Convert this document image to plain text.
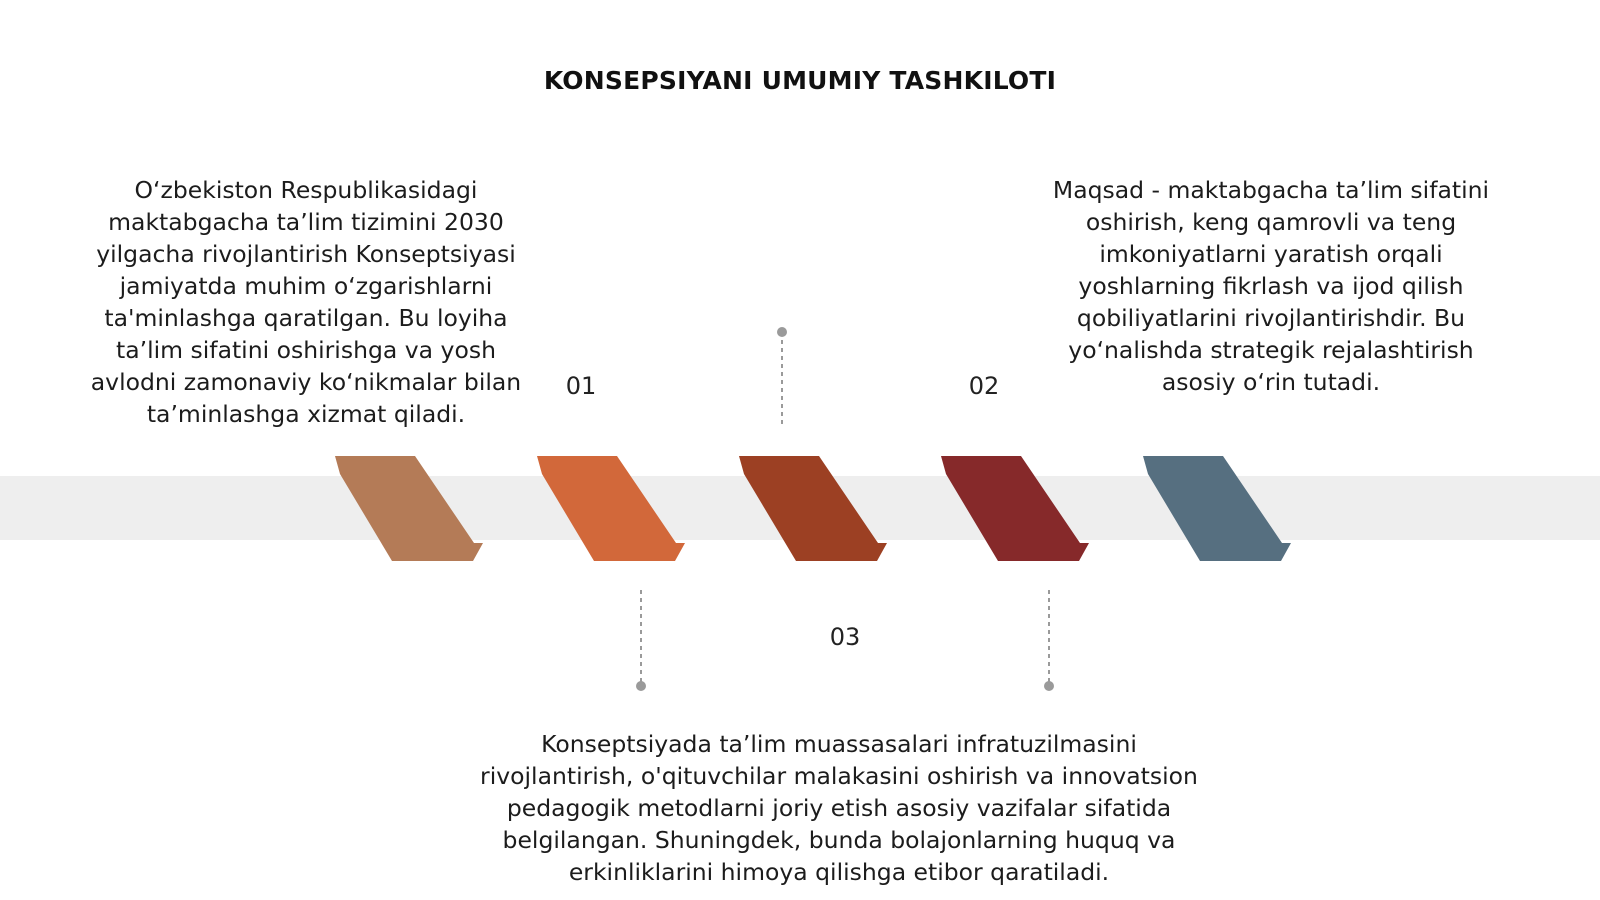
KONSEPSIYANI UMUMIY TASHKILOTI
O‘zbekiston Respublikasidagi maktabgacha ta’lim tizimini 2030 yilgacha rivojlantirish Konseptsiyasi jamiyatda muhim o‘zgarishlarni ta'minlashga qaratilgan. Bu loyiha ta’lim sifatini oshirishga va yosh avlodni zamonaviy ko‘nikmalar bilan ta’minlashga xizmat qiladi.
Maqsad - maktabgacha ta’lim sifatini oshirish, keng qamrovli va teng imkoniyatlarni yaratish orqali yoshlarning fikrlash va ijod qilish qobiliyatlarini rivojlantirishdir. Bu yo‘nalishda strategik rejalashtirish asosiy o‘rin tutadi.
Konseptsiyada ta’lim muassasalari infratuzilmasini rivojlantirish, o'qituvchilar malakasini oshirish va innovatsion pedagogik metodlarni joriy etish asosiy vazifalar sifatida belgilangan. Shuningdek, bunda bolajonlarning huquq va erkinliklarini himoya qilishga etibor qaratiladi.
01	02
03
